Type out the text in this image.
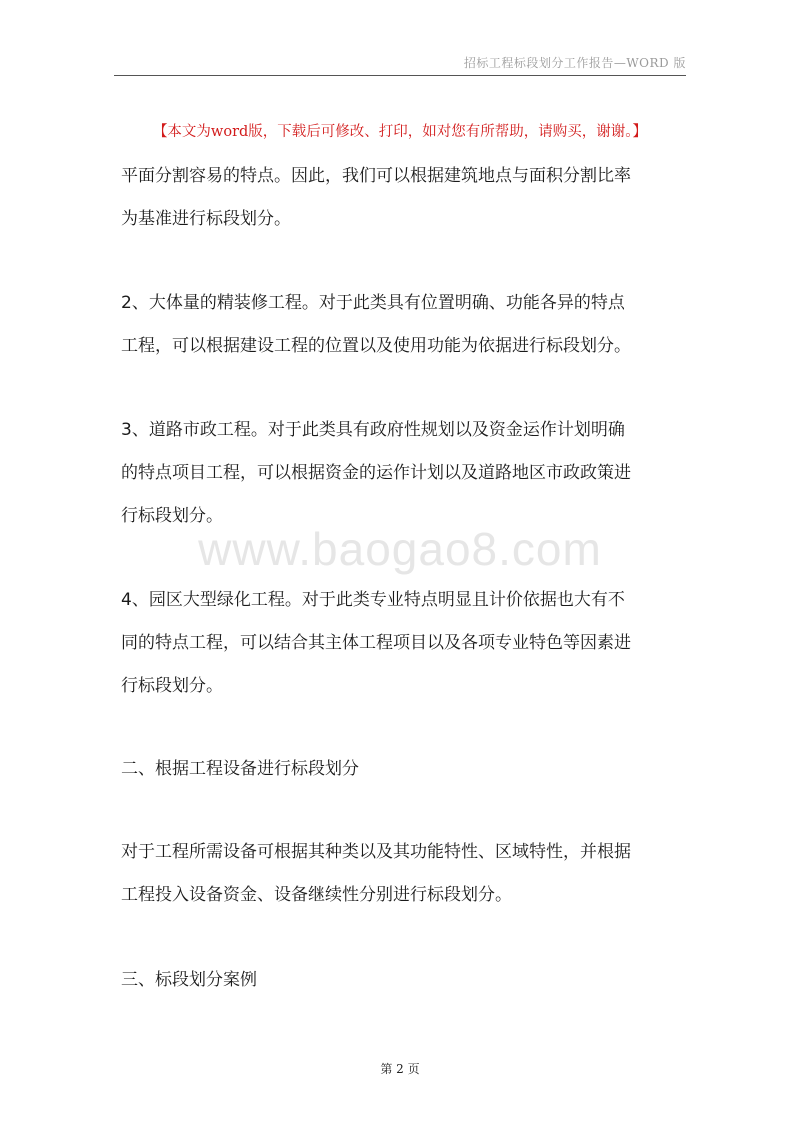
招标工程标段划分工作报告—WORD 版
【本文为word版，下载后可修改、打印，如对您有所帮助，请购买，谢谢。】
www.baogao8.com
平面分割容易的特点。因此，我们可以根据建筑地点与面积分割比率
为基准进行标段划分。
2、大体量的精装修工程。对于此类具有位置明确、功能各异的特点
工程，可以根据建设工程的位置以及使用功能为依据进行标段划分。
3、道路市政工程。对于此类具有政府性规划以及资金运作计划明确
的特点项目工程，可以根据资金的运作计划以及道路地区市政政策进
行标段划分。
4、园区大型绿化工程。对于此类专业特点明显且计价依据也大有不
同的特点工程，可以结合其主体工程项目以及各项专业特色等因素进
行标段划分。
二、根据工程设备进行标段划分
对于工程所需设备可根据其种类以及其功能特性、区域特性，并根据
工程投入设备资金、设备继续性分别进行标段划分。
三、标段划分案例
第 2 页
